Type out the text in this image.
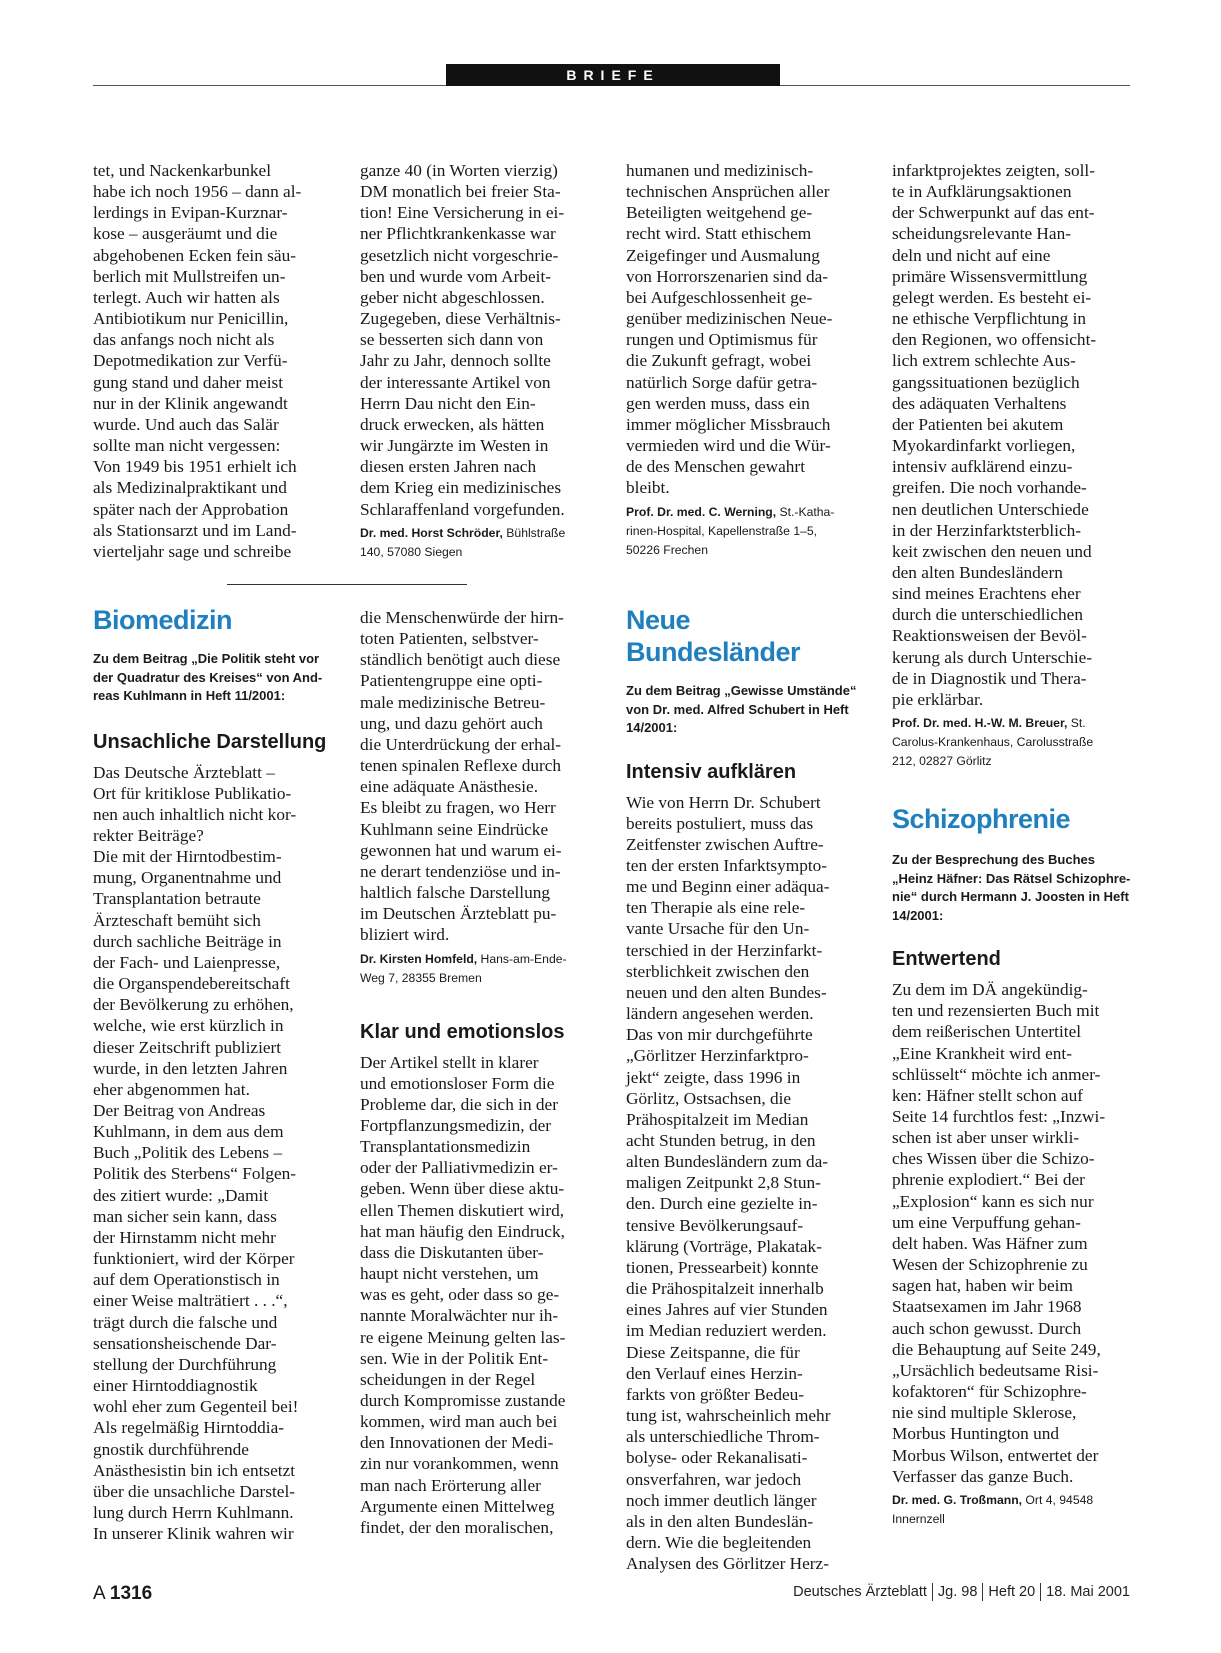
BRIEFE

tet, und Nackenkarbunkel
habe ich noch 1956 – dann al-
lerdings in Evipan-Kurznar-
kose – ausgeräumt und die
abgehobenen Ecken fein säu-
berlich mit Mullstreifen un-
terlegt. Auch wir hatten als
Antibiotikum nur Penicillin,
das anfangs noch nicht als
Depotmedikation zur Verfü-
gung stand und daher meist
nur in der Klinik angewandt
wurde. Und auch das Salär
sollte man nicht vergessen:
Von 1949 bis 1951 erhielt ich
als Medizinalpraktikant und
später nach der Approbation
als Stationsarzt und im Land-
vierteljahr sage und schreibe

ganze 40 (in Worten vierzig)
DM monatlich bei freier Sta-
tion! Eine Versicherung in ei-
ner Pflichtkrankenkasse war
gesetzlich nicht vorgeschrie-
ben und wurde vom Arbeit-
geber nicht abgeschlossen.
Zugegeben, diese Verhältnis-
se besserten sich dann von
Jahr zu Jahr, dennoch sollte
der interessante Artikel von
Herrn Dau nicht den Ein-
druck erwecken, als hätten
wir Jungärzte im Westen in
diesen ersten Jahren nach
dem Krieg ein medizinisches
Schlaraffenland vorgefunden.

Dr. med. Horst Schröder, Bühlstraße
140, 57080 Siegen

humanen und medizinisch-
technischen Ansprüchen aller
Beteiligten weitgehend ge-
recht wird. Statt ethischem
Zeigefinger und Ausmalung
von Horrorszenarien sind da-
bei Aufgeschlossenheit ge-
genüber medizinischen Neue-
rungen und Optimismus für
die Zukunft gefragt, wobei
natürlich Sorge dafür getra-
gen werden muss, dass ein
immer möglicher Missbrauch
vermieden wird und die Wür-
de des Menschen gewahrt
bleibt.

Prof. Dr. med. C. Werning, St.-Katha-
rinen-Hospital, Kapellenstraße 1–5,
50226 Frechen

infarktprojektes zeigten, soll-
te in Aufklärungsaktionen
der Schwerpunkt auf das ent-
scheidungsrelevante Han-
deln und nicht auf eine
primäre Wissensvermittlung
gelegt werden. Es besteht ei-
ne ethische Verpflichtung in
den Regionen, wo offensicht-
lich extrem schlechte Aus-
gangssituationen bezüglich
des adäquaten Verhaltens
der Patienten bei akutem
Myokardinfarkt vorliegen,
intensiv aufklärend einzu-
greifen. Die noch vorhande-
nen deutlichen Unterschiede
in der Herzinfarktsterblich-
keit zwischen den neuen und
den alten Bundesländern
sind meines Erachtens eher
durch die unterschiedlichen
Reaktionsweisen der Bevöl-
kerung als durch Unterschie-
de in Diagnostik und Thera-
pie erklärbar.

Prof. Dr. med. H.-W. M. Breuer, St.
Carolus-Krankenhaus, Carolusstraße
212, 02827 Görlitz

Schizophrenie

Zu der Besprechung des Buches
„Heinz Häfner: Das Rätsel Schizophre-
nie“ durch Hermann J. Joosten in Heft
14/2001:

Entwertend

Zu dem im DÄ angekündig-
ten und rezensierten Buch mit
dem reißerischen Untertitel
„Eine Krankheit wird ent-
schlüsselt“ möchte ich anmer-
ken: Häfner stellt schon auf
Seite 14 furchtlos fest: „Inzwi-
schen ist aber unser wirkli-
ches Wissen über die Schizo-
phrenie explodiert.“ Bei der
„Explosion“ kann es sich nur
um eine Verpuffung gehan-
delt haben. Was Häfner zum
Wesen der Schizophrenie zu
sagen hat, haben wir beim
Staatsexamen im Jahr 1968
auch schon gewusst. Durch
die Behauptung auf Seite 249,
„Ursächlich bedeutsame Risi-
kofaktoren“ für Schizophre-
nie sind multiple Sklerose,
Morbus Huntington und
Morbus Wilson, entwertet der
Verfasser das ganze Buch.

Dr. med. G. Troßmann, Ort 4, 94548
Innernzell

Biomedizin

Zu dem Beitrag „Die Politik steht vor
der Quadratur des Kreises“ von And-
reas Kuhlmann in Heft 11/2001:

Unsachliche Darstellung

Das Deutsche Ärzteblatt –
Ort für kritiklose Publikatio-
nen auch inhaltlich nicht kor-
rekter Beiträge?
Die mit der Hirntodbestim-
mung, Organentnahme und
Transplantation betraute
Ärzteschaft bemüht sich
durch sachliche Beiträge in
der Fach- und Laienpresse,
die Organspendebereitschaft
der Bevölkerung zu erhöhen,
welche, wie erst kürzlich in
dieser Zeitschrift publiziert
wurde, in den letzten Jahren
eher abgenommen hat.
Der Beitrag von Andreas
Kuhlmann, in dem aus dem
Buch „Politik des Lebens –
Politik des Sterbens“ Folgen-
des zitiert wurde: „Damit
man sicher sein kann, dass
der Hirnstamm nicht mehr
funktioniert, wird der Körper
auf dem Operationstisch in
einer Weise malträtiert . . .“,
trägt durch die falsche und
sensationsheischende Dar-
stellung der Durchführung
einer Hirntoddiagnostik
wohl eher zum Gegenteil bei!
Als regelmäßig Hirntoddia-
gnostik durchführende
Anästhesistin bin ich entsetzt
über die unsachliche Darstel-
lung durch Herrn Kuhlmann.
In unserer Klinik wahren wir

die Menschenwürde der hirn-
toten Patienten, selbstver-
ständlich benötigt auch diese
Patientengruppe eine opti-
male medizinische Betreu-
ung, und dazu gehört auch
die Unterdrückung der erhal-
tenen spinalen Reflexe durch
eine adäquate Anästhesie.
Es bleibt zu fragen, wo Herr
Kuhlmann seine Eindrücke
gewonnen hat und warum ei-
ne derart tendenziöse und in-
haltlich falsche Darstellung
im Deutschen Ärzteblatt pu-
bliziert wird.

Dr. Kirsten Homfeld, Hans-am-Ende-
Weg 7, 28355 Bremen

Klar und emotionslos

Der Artikel stellt in klarer
und emotionsloser Form die
Probleme dar, die sich in der
Fortpflanzungsmedizin, der
Transplantationsmedizin
oder der Palliativmedizin er-
geben. Wenn über diese aktu-
ellen Themen diskutiert wird,
hat man häufig den Eindruck,
dass die Diskutanten über-
haupt nicht verstehen, um
was es geht, oder dass so ge-
nannte Moralwächter nur ih-
re eigene Meinung gelten las-
sen. Wie in der Politik Ent-
scheidungen in der Regel
durch Kompromisse zustande
kommen, wird man auch bei
den Innovationen der Medi-
zin nur vorankommen, wenn
man nach Erörterung aller
Argumente einen Mittelweg
findet, der den moralischen,

Neue Bundesländer

Zu dem Beitrag „Gewisse Umstände“
von Dr. med. Alfred Schubert in Heft
14/2001:

Intensiv aufklären

Wie von Herrn Dr. Schubert
bereits postuliert, muss das
Zeitfenster zwischen Auftre-
ten der ersten Infarktsympto-
me und Beginn einer adäqua-
ten Therapie als eine rele-
vante Ursache für den Un-
terschied in der Herzinfarkt-
sterblichkeit zwischen den
neuen und den alten Bundes-
ländern angesehen werden.
Das von mir durchgeführte
„Görlitzer Herzinfarktpro-
jekt“ zeigte, dass 1996 in
Görlitz, Ostsachsen, die
Prähospitalzeit im Median
acht Stunden betrug, in den
alten Bundesländern zum da-
maligen Zeitpunkt 2,8 Stun-
den. Durch eine gezielte in-
tensive Bevölkerungsauf-
klärung (Vorträge, Plakatak-
tionen, Pressearbeit) konnte
die Prähospitalzeit innerhalb
eines Jahres auf vier Stunden
im Median reduziert werden.
Diese Zeitspanne, die für
den Verlauf eines Herzin-
farkts von größter Bedeu-
tung ist, wahrscheinlich mehr
als unterschiedliche Throm-
bolyse- oder Rekanalisati-
onsverfahren, war jedoch
noch immer deutlich länger
als in den alten Bundeslän-
dern. Wie die begleitenden
Analysen des Görlitzer Herz-

A 1316	Deutsches Ärzteblatt Jg. 98 Heft 20 18. Mai 2001
